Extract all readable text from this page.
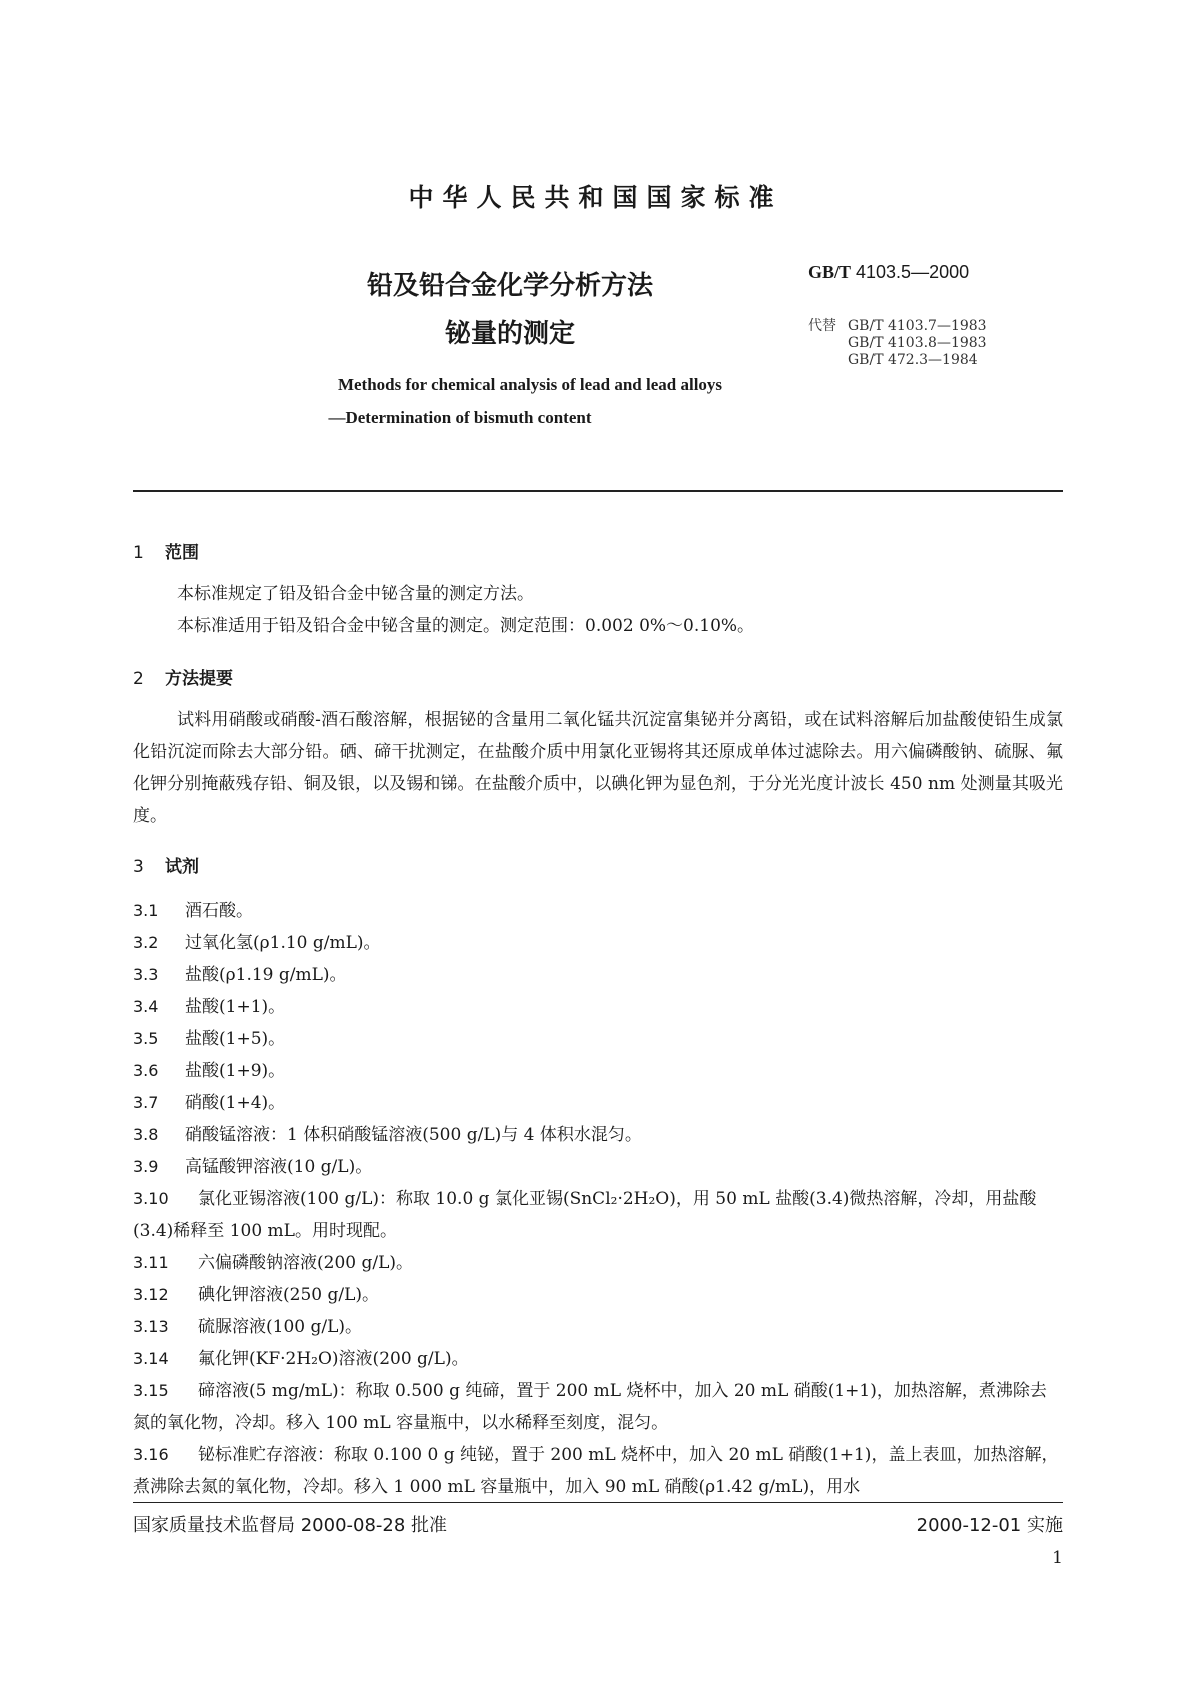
中华人民共和国国家标准
铅及铅合金化学分析方法
铋量的测定
GB/T 4103.5—2000
代替 GB/T 4103.7—1983
GB/T 4103.8—1983
GB/T 472.3—1984
Methods for chemical analysis of lead and lead alloys
—Determination of bismuth content
1 范围
本标准规定了铅及铅合金中铋含量的测定方法。
本标准适用于铅及铅合金中铋含量的测定。测定范围：0.002 0%～0.10%。
2 方法提要
试料用硝酸或硝酸-酒石酸溶解，根据铋的含量用二氧化锰共沉淀富集铋并分离铅，或在试料溶解后加盐酸使铅生成氯化铅沉淀而除去大部分铅。硒、碲干扰测定，在盐酸介质中用氯化亚锡将其还原成单体过滤除去。用六偏磷酸钠、硫脲、氟化钾分别掩蔽残存铅、铜及银，以及锡和锑。在盐酸介质中，以碘化钾为显色剂，于分光光度计波长 450 nm 处测量其吸光度。
3 试剂
3.1 酒石酸。
3.2 过氧化氢(ρ1.10 g/mL)。
3.3 盐酸(ρ1.19 g/mL)。
3.4 盐酸(1+1)。
3.5 盐酸(1+5)。
3.6 盐酸(1+9)。
3.7 硝酸(1+4)。
3.8 硝酸锰溶液：1 体积硝酸锰溶液(500 g/L)与 4 体积水混匀。
3.9 高锰酸钾溶液(10 g/L)。
3.10 氯化亚锡溶液(100 g/L)：称取 10.0 g 氯化亚锡(SnCl₂·2H₂O)，用 50 mL 盐酸(3.4)微热溶解，冷却，用盐酸(3.4)稀释至 100 mL。用时现配。
3.11 六偏磷酸钠溶液(200 g/L)。
3.12 碘化钾溶液(250 g/L)。
3.13 硫脲溶液(100 g/L)。
3.14 氟化钾(KF·2H₂O)溶液(200 g/L)。
3.15 碲溶液(5 mg/mL)：称取 0.500 g 纯碲，置于 200 mL 烧杯中，加入 20 mL 硝酸(1+1)，加热溶解，煮沸除去氮的氧化物，冷却。移入 100 mL 容量瓶中，以水稀释至刻度，混匀。
3.16 铋标准贮存溶液：称取 0.100 0 g 纯铋，置于 200 mL 烧杯中，加入 20 mL 硝酸(1+1)，盖上表皿，加热溶解，煮沸除去氮的氧化物，冷却。移入 1 000 mL 容量瓶中，加入 90 mL 硝酸(ρ1.42 g/mL)，用水
国家质量技术监督局 2000-08-28 批准	2000-12-01 实施
1
